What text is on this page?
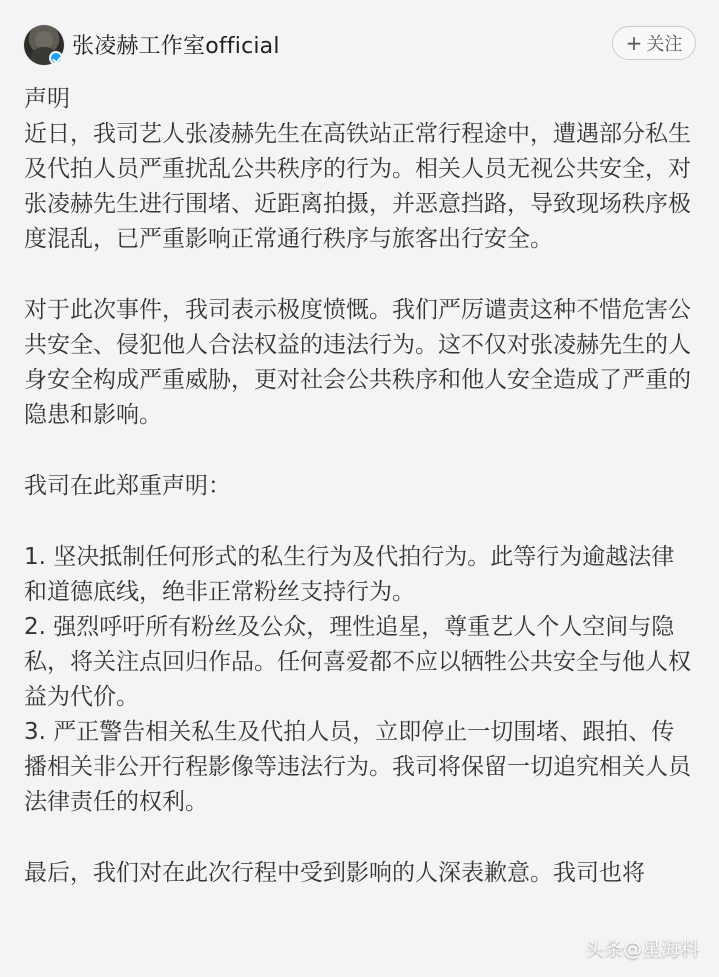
张凌赫工作室official	+ 关注

声明

近日，我司艺人张凌赫先生在高铁站正常行程途中，遭遇部分私生及代拍人员严重扰乱公共秩序的行为。相关人员无视公共安全，对张凌赫先生进行围堵、近距离拍摄，并恶意挡路，导致现场秩序极度混乱，已严重影响正常通行秩序与旅客出行安全。

对于此次事件，我司表示极度愤慨。我们严厉谴责这种不惜危害公共安全、侵犯他人合法权益的违法行为。这不仅对张凌赫先生的人身安全构成严重威胁，更对社会公共秩序和他人安全造成了严重的隐患和影响。

我司在此郑重声明：

1. 坚决抵制任何形式的私生行为及代拍行为。此等行为逾越法律和道德底线，绝非正常粉丝支持行为。
2. 强烈呼吁所有粉丝及公众，理性追星，尊重艺人个人空间与隐私，将关注点回归作品。任何喜爱都不应以牺牲公共安全与他人权益为代价。
3. 严正警告相关私生及代拍人员，立即停止一切围堵、跟拍、传播相关非公开行程影像等违法行为。我司将保留一切追究相关人员法律责任的权利。

最后，我们对在此次行程中受到影响的人深表歉意。我司也将

头条@星海料
